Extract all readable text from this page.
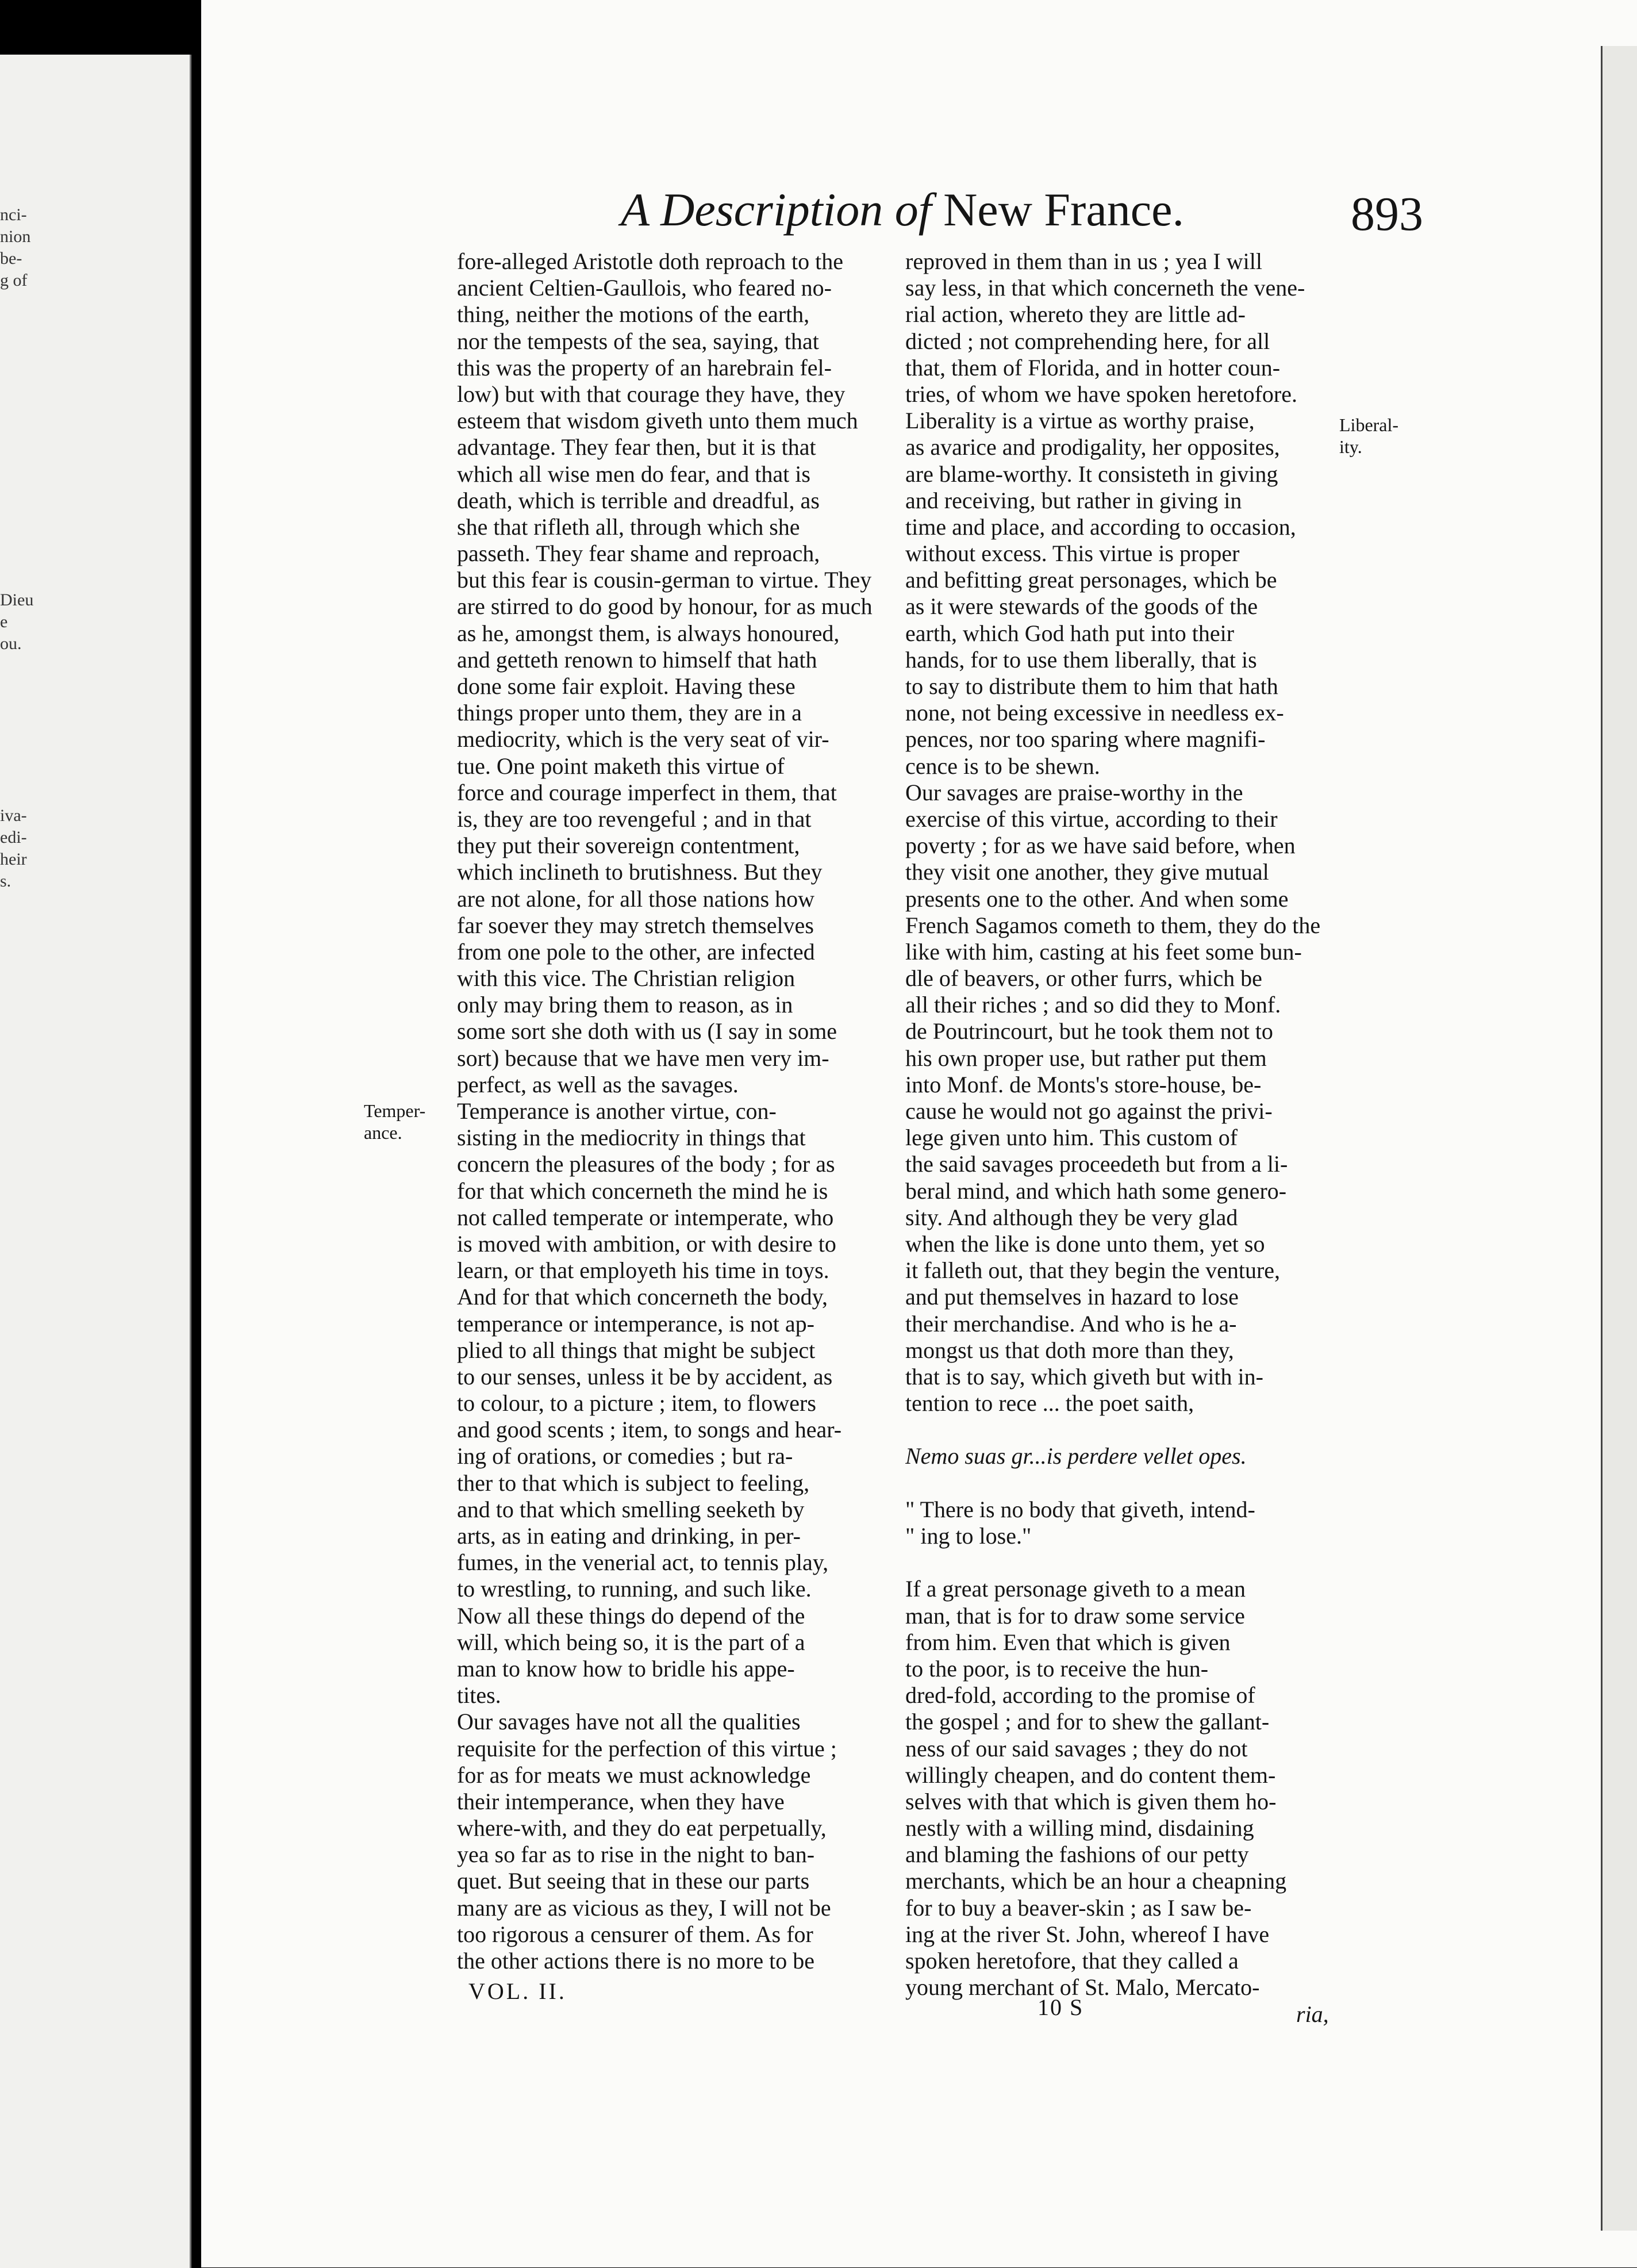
nci-
nion
be-
g of
Dieu
e
ou.
iva-
edi-
heir
s.
A Description of New France.	893
Temper-
ance.
Liberal-
ity.
fore-alleged Aristotle doth reproach to the
ancient Celtien-Gaullois, who feared no-
thing, neither the motions of the earth,
nor the tempests of the sea, saying, that
this was the property of an harebrain fel-
low) but with that courage they have, they
esteem that wisdom giveth unto them much
advantage. They fear then, but it is that
which all wise men do fear, and that is
death, which is terrible and dreadful, as
she that rifleth all, through which she
passeth. They fear shame and reproach,
but this fear is cousin-german to virtue. They
are stirred to do good by honour, for as much
as he, amongst them, is always honoured,
and getteth renown to himself that hath
done some fair exploit. Having these
things proper unto them, they are in a
mediocrity, which is the very seat of vir-
tue. One point maketh this virtue of
force and courage imperfect in them, that
is, they are too revengeful ; and in that
they put their sovereign contentment,
which inclineth to brutishness. But they
are not alone, for all those nations how
far soever they may stretch themselves
from one pole to the other, are infected
with this vice. The Christian religion
only may bring them to reason, as in
some sort she doth with us (I say in some
sort) because that we have men very im-
perfect, as well as the savages.
Temperance is another virtue, con-
sisting in the mediocrity in things that
concern the pleasures of the body ; for as
for that which concerneth the mind he is
not called temperate or intemperate, who
is moved with ambition, or with desire to
learn, or that employeth his time in toys.
And for that which concerneth the body,
temperance or intemperance, is not ap-
plied to all things that might be subject
to our senses, unless it be by accident, as
to colour, to a picture ; item, to flowers
and good scents ; item, to songs and hear-
ing of orations, or comedies ; but ra-
ther to that which is subject to feeling,
and to that which smelling seeketh by
arts, as in eating and drinking, in per-
fumes, in the venerial act, to tennis play,
to wrestling, to running, and such like.
Now all these things do depend of the
will, which being so, it is the part of a
man to know how to bridle his appe-
tites.
Our savages have not all the qualities
requisite for the perfection of this virtue ;
for as for meats we must acknowledge
their intemperance, when they have
where-with, and they do eat perpetually,
yea so far as to rise in the night to ban-
quet. But seeing that in these our parts
many are as vicious as they, I will not be
too rigorous a censurer of them. As for
the other actions there is no more to be
reproved in them than in us ; yea I will
say less, in that which concerneth the vene-
rial action, whereto they are little ad-
dicted ; not comprehending here, for all
that, them of Florida, and in hotter coun-
tries, of whom we have spoken heretofore.
Liberality is a virtue as worthy praise,
as avarice and prodigality, her opposites,
are blame-worthy. It consisteth in giving
and receiving, but rather in giving in
time and place, and according to occasion,
without excess. This virtue is proper
and befitting great personages, which be
as it were stewards of the goods of the
earth, which God hath put into their
hands, for to use them liberally, that is
to say to distribute them to him that hath
none, not being excessive in needless ex-
pences, nor too sparing where magnifi-
cence is to be shewn.
Our savages are praise-worthy in the
exercise of this virtue, according to their
poverty ; for as we have said before, when
they visit one another, they give mutual
presents one to the other. And when some
French Sagamos cometh to them, they do the
like with him, casting at his feet some bun-
dle of beavers, or other furrs, which be
all their riches ; and so did they to Monf.
de Poutrincourt, but he took them not to
his own proper use, but rather put them
into Monf. de Monts's store-house, be-
cause he would not go against the privi-
lege given unto him. This custom of
the said savages proceedeth but from a li-
beral mind, and which hath some genero-
sity. And although they be very glad
when the like is done unto them, yet so
it falleth out, that they begin the venture,
and put themselves in hazard to lose
their merchandise. And who is he a-
mongst us that doth more than they,
that is to say, which giveth but with in-
tention to rece ... the poet saith,
Nemo suas gr...is perdere vellet opes.
" There is no body that giveth, intend-
" ing to lose."
If a great personage giveth to a mean
man, that is for to draw some service
from him. Even that which is given
to the poor, is to receive the hun-
dred-fold, according to the promise of
the gospel ; and for to shew the gallant-
ness of our said savages ; they do not
willingly cheapen, and do content them-
selves with that which is given them ho-
nestly with a willing mind, disdaining
and blaming the fashions of our petty
merchants, which be an hour a cheapning
for to buy a beaver-skin ; as I saw be-
ing at the river St. John, whereof I have
spoken heretofore, that they called a
young merchant of St. Malo, Mercato-
VOL. II.
10 S	ria,
